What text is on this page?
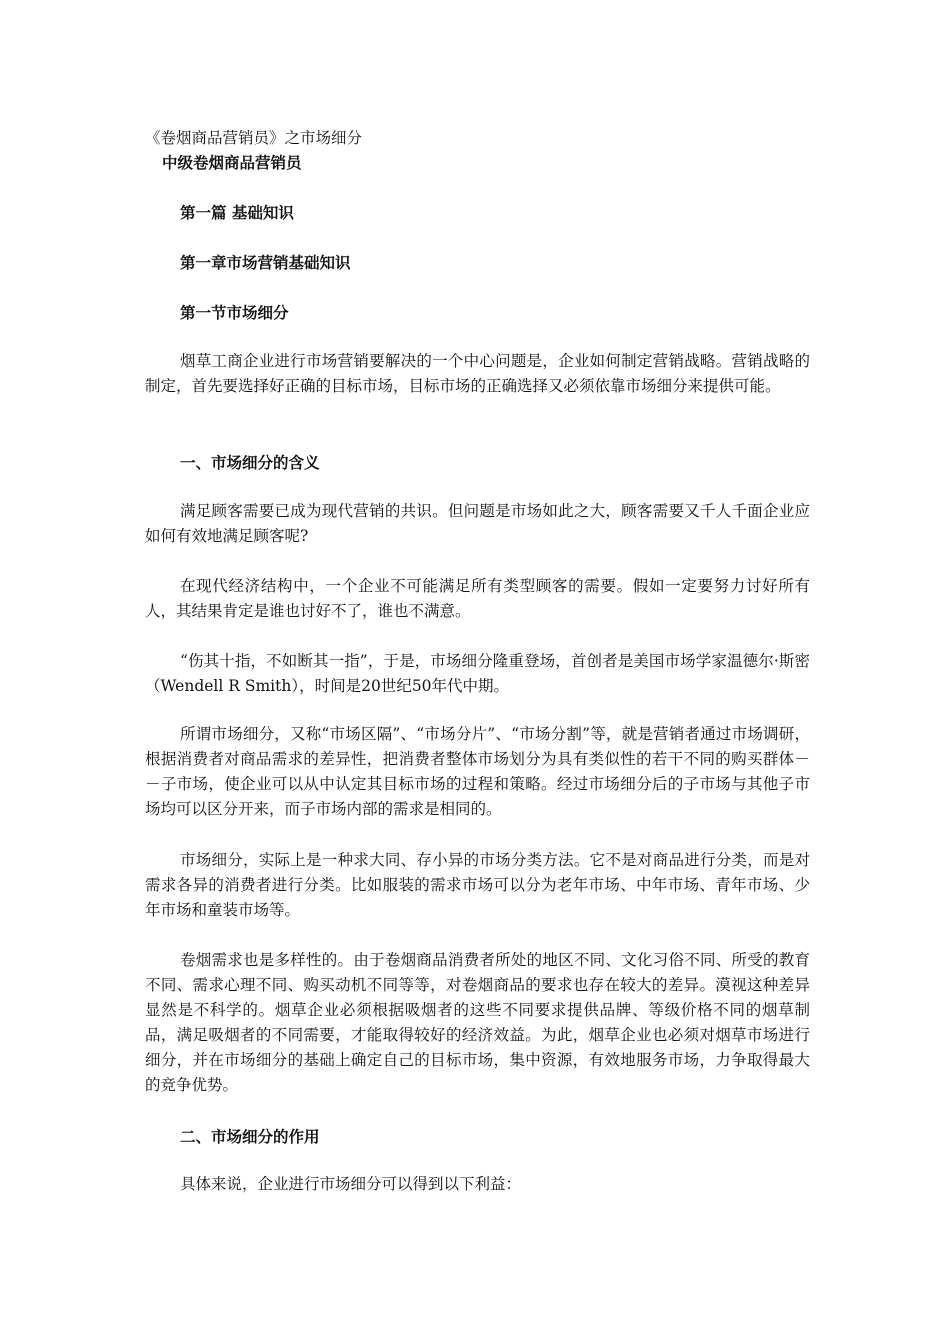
《卷烟商品营销员》之市场细分
中级卷烟商品营销员
第一篇 基础知识
第一章市场营销基础知识
第一节市场细分
烟草工商企业进行市场营销要解决的一个中心问题是，企业如何制定营销战略。营销战略的制定，首先要选择好正确的目标市场，目标市场的正确选择又必须依靠市场细分来提供可能。
一、市场细分的含义
满足顾客需要已成为现代营销的共识。但问题是市场如此之大，顾客需要又千人千面企业应如何有效地满足顾客呢?
在现代经济结构中，一个企业不可能满足所有类型顾客的需要。假如一定要努力讨好所有人，其结果肯定是谁也讨好不了，谁也不满意。
“伤其十指，不如断其一指”，于是，市场细分隆重登场，首创者是美国市场学家温德尔·斯密（Wendell R Smith），时间是20世纪50年代中期。
所谓市场细分，又称“市场区隔”、“市场分片”、“市场分割”等，就是营销者通过市场调研，根据消费者对商品需求的差异性，把消费者整体市场划分为具有类似性的若干不同的购买群体－－子市场，使企业可以从中认定其目标市场的过程和策略。经过市场细分后的子市场与其他子市场均可以区分开来，而子市场内部的需求是相同的。
市场细分，实际上是一种求大同、存小异的市场分类方法。它不是对商品进行分类，而是对需求各异的消费者进行分类。比如服装的需求市场可以分为老年市场、中年市场、青年市场、少年市场和童装市场等。
卷烟需求也是多样性的。由于卷烟商品消费者所处的地区不同、文化习俗不同、所受的教育不同、需求心理不同、购买动机不同等等，对卷烟商品的要求也存在较大的差异。漠视这种差异显然是不科学的。烟草企业必须根据吸烟者的这些不同要求提供品牌、等级价格不同的烟草制品，满足吸烟者的不同需要，才能取得较好的经济效益。为此，烟草企业也必须对烟草市场进行细分，并在市场细分的基础上确定自己的目标市场，集中资源，有效地服务市场，力争取得最大的竞争优势。
二、市场细分的作用
具体来说，企业进行市场细分可以得到以下利益：
